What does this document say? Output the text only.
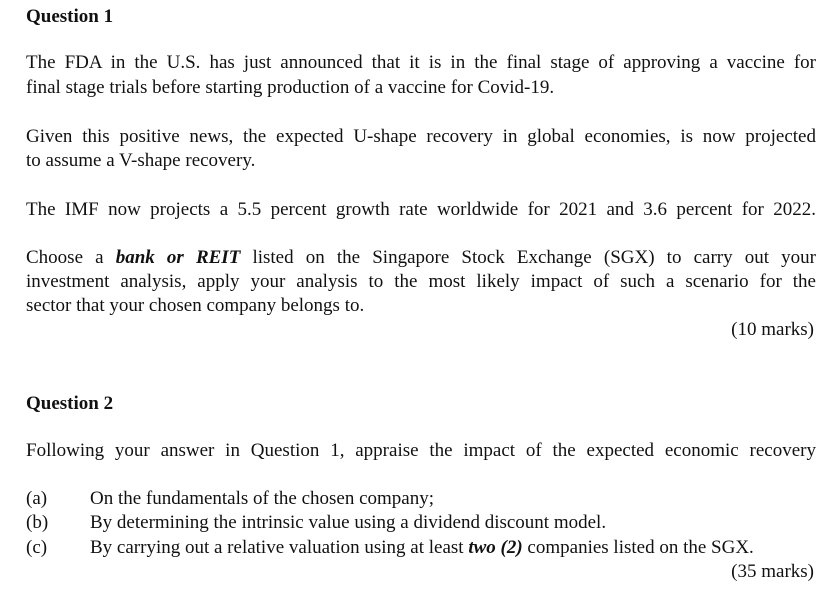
Question 1
The FDA in the U.S. has just announced that it is in the final stage of approving a vaccine for
final stage trials before starting production of a vaccine for Covid-19.
Given this positive news, the expected U-shape recovery in global economies, is now projected
to assume a V-shape recovery.
The IMF now projects a 5.5 percent growth rate worldwide for 2021 and 3.6 percent for 2022.
Choose a bank or REIT listed on the Singapore Stock Exchange (SGX) to carry out your
investment analysis, apply your analysis to the most likely impact of such a scenario for the
sector that your chosen company belongs to.
(10 marks)
Question 2
Following your answer in Question 1, appraise the impact of the expected economic recovery
(a) On the fundamentals of the chosen company;
(b) By determining the intrinsic value using a dividend discount model.
(c) By carrying out a relative valuation using at least two (2) companies listed on the SGX.
(35 marks)
